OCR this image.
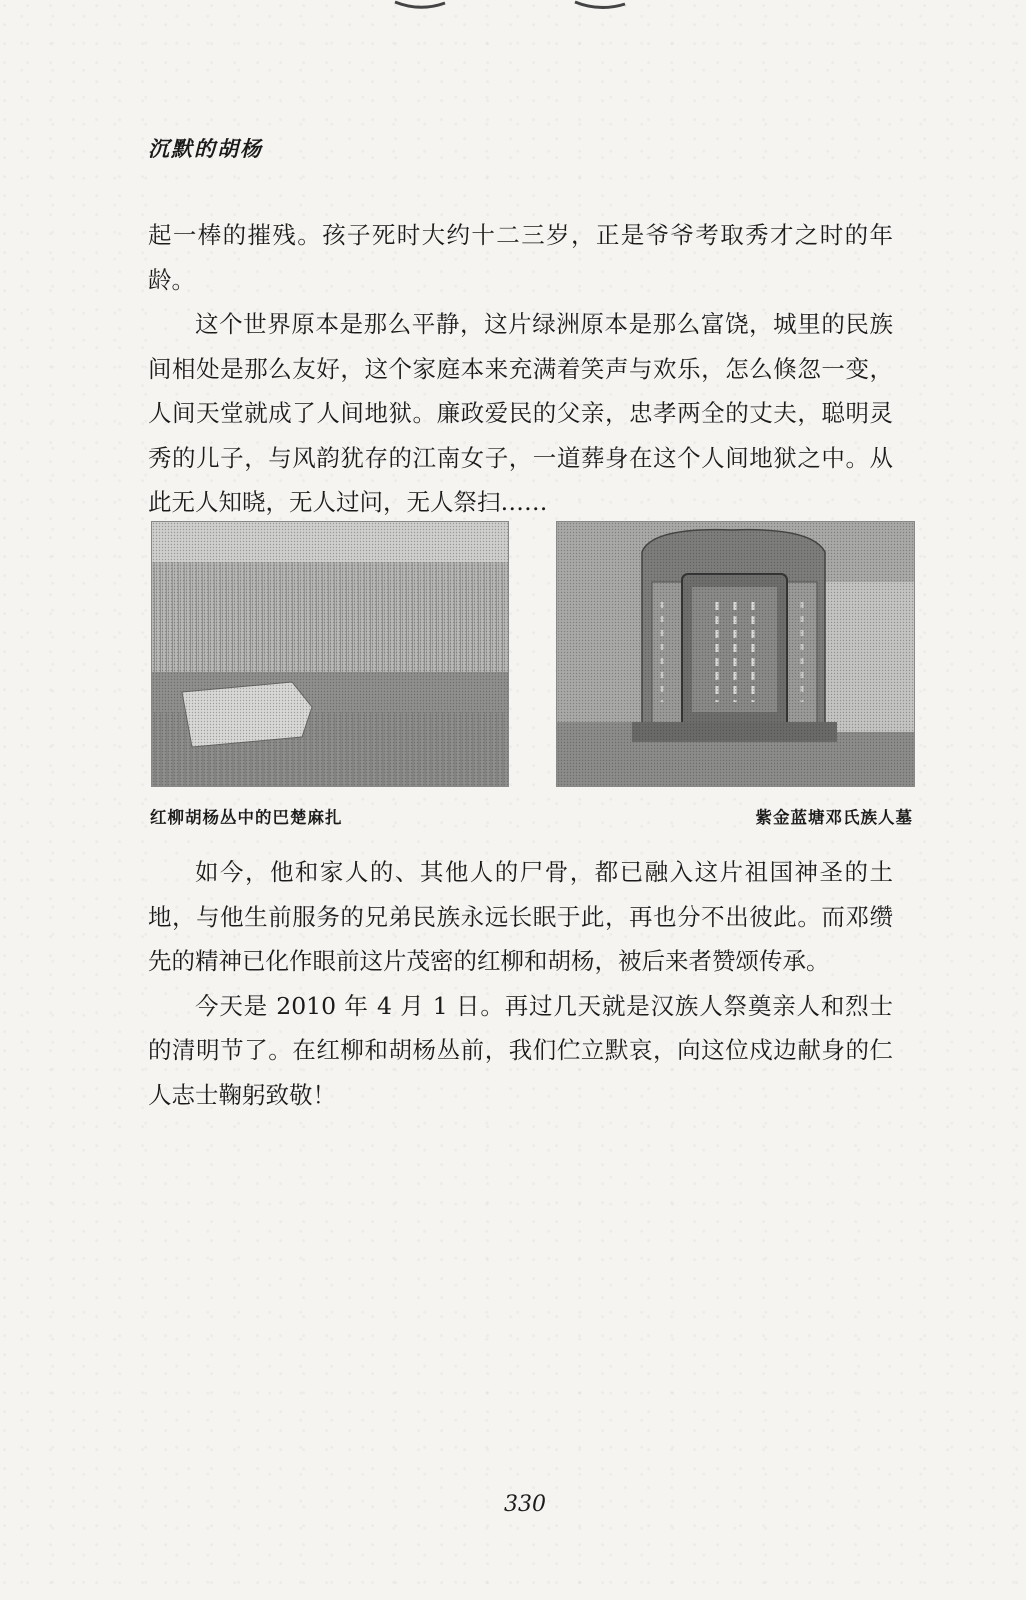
沉默的胡杨

起一棒的摧残。孩子死时大约十二三岁，正是爷爷考取秀才之时的年龄。

这个世界原本是那么平静，这片绿洲原本是那么富饶，城里的民族间相处是那么友好，这个家庭本来充满着笑声与欢乐，怎么倏忽一变，人间天堂就成了人间地狱。廉政爱民的父亲，忠孝两全的丈夫，聪明灵秀的儿子，与风韵犹存的江南女子，一道葬身在这个人间地狱之中。从此无人知晓，无人过问，无人祭扫……

红柳胡杨丛中的巴楚麻扎	紫金蓝塘邓氏族人墓

如今，他和家人的、其他人的尸骨，都已融入这片祖国神圣的土地，与他生前服务的兄弟民族永远长眠于此，再也分不出彼此。而邓缵先的精神已化作眼前这片茂密的红柳和胡杨，被后来者赞颂传承。

今天是 2010 年 4 月 1 日。再过几天就是汉族人祭奠亲人和烈士的清明节了。在红柳和胡杨丛前，我们伫立默哀，向这位戍边献身的仁人志士鞠躬致敬！

330
